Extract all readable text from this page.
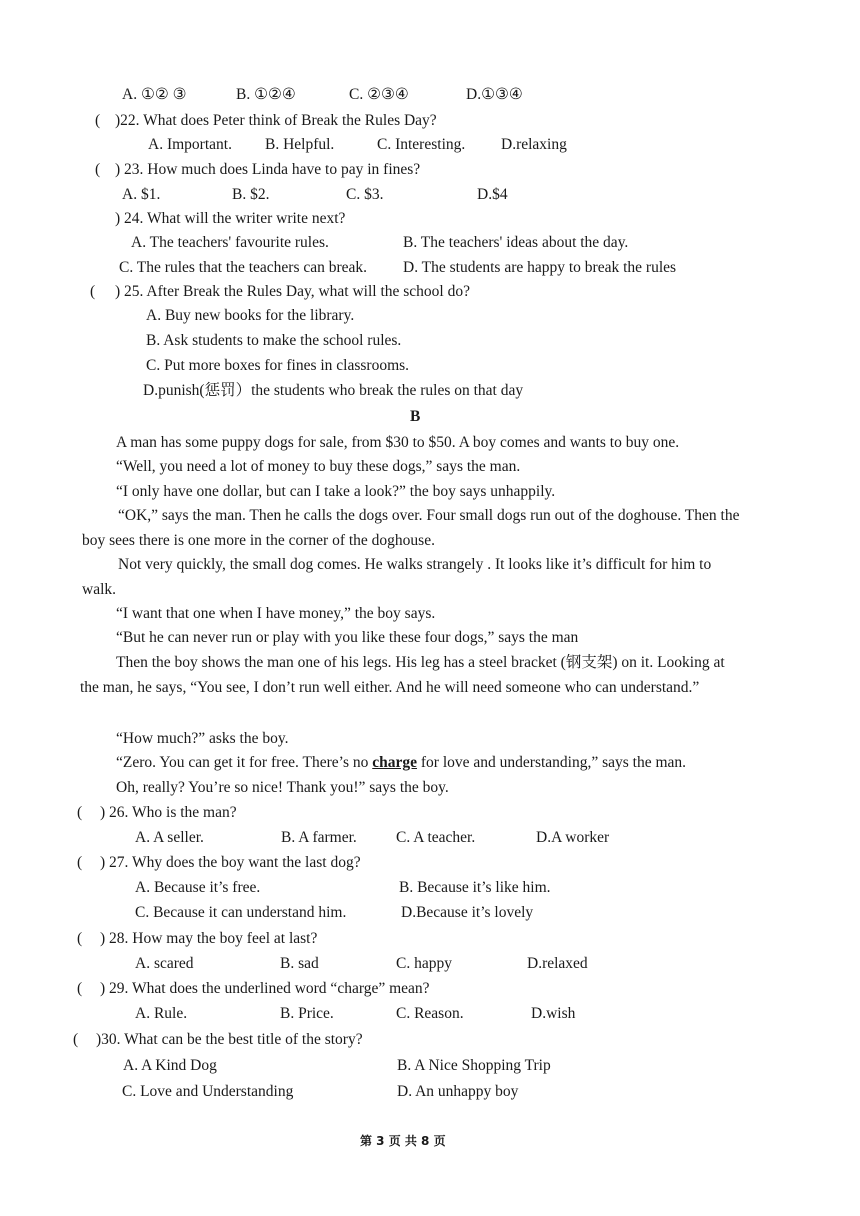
A. ①② ③	B. ①②④	C. ②③④	D.①③④
( )22. What does Peter think of Break the Rules Day?
A. Important. B. Helpful.	C. Interesting. D.relaxing
( ) 23. How much does Linda have to pay in fines?
A. $1.	B. $2.	C. $3.	D.$4
) 24. What will the writer write next?
A. The teachers' favourite rules.	B. The teachers' ideas about the day.
C. The rules that the teachers can break. D. The students are happy to break the rules
( ) 25. After Break the Rules Day, what will the school do?
A. Buy new books for the library.
B. Ask students to make the school rules.
C. Put more boxes for fines in classrooms.
D.punish(惩罚）the students who break the rules on that day
B
A man has some puppy dogs for sale, from $30 to $50. A boy comes and wants to buy one.
“Well, you need a lot of money to buy these dogs,” says the man.
“I only have one dollar, but can I take a look?” the boy says unhappily.
“OK,” says the man. Then he calls the dogs over. Four small dogs run out of the doghouse. Then the boy sees there is one more in the corner of the doghouse.
Not very quickly, the small dog comes. He walks strangely . It looks like it’s difficult for him to walk.
“I want that one when I have money,” the boy says.
“But he can never run or play with you like these four dogs,” says the man
Then the boy shows the man one of his legs. His leg has a steel bracket (钢支架) on it. Looking at the man, he says, “You see, I don’t run well either. And he will need someone who can understand.”
“How much?” asks the boy.
“Zero. You can get it for free. There’s no charge for love and understanding,” says the man.
Oh, really? You’re so nice! Thank you!” says the boy.
( ) 26. Who is the man?
A. A seller.	B. A farmer.	C. A teacher.	D.A worker
( ) 27. Why does the boy want the last dog?
A. Because it’s free.	B. Because it’s like him.
C. Because it can understand him.	D.Because it’s lovely
( ) 28. How may the boy feel at last?
A. scared	B. sad	C. happy	D.relaxed
( ) 29. What does the underlined word “charge” mean?
A. Rule.	B. Price.	C. Reason.	D.wish
( )30. What can be the best title of the story?
A. A Kind Dog	B. A Nice Shopping Trip
C. Love and Understanding	D. An unhappy boy
第 3 页 共 8 页
